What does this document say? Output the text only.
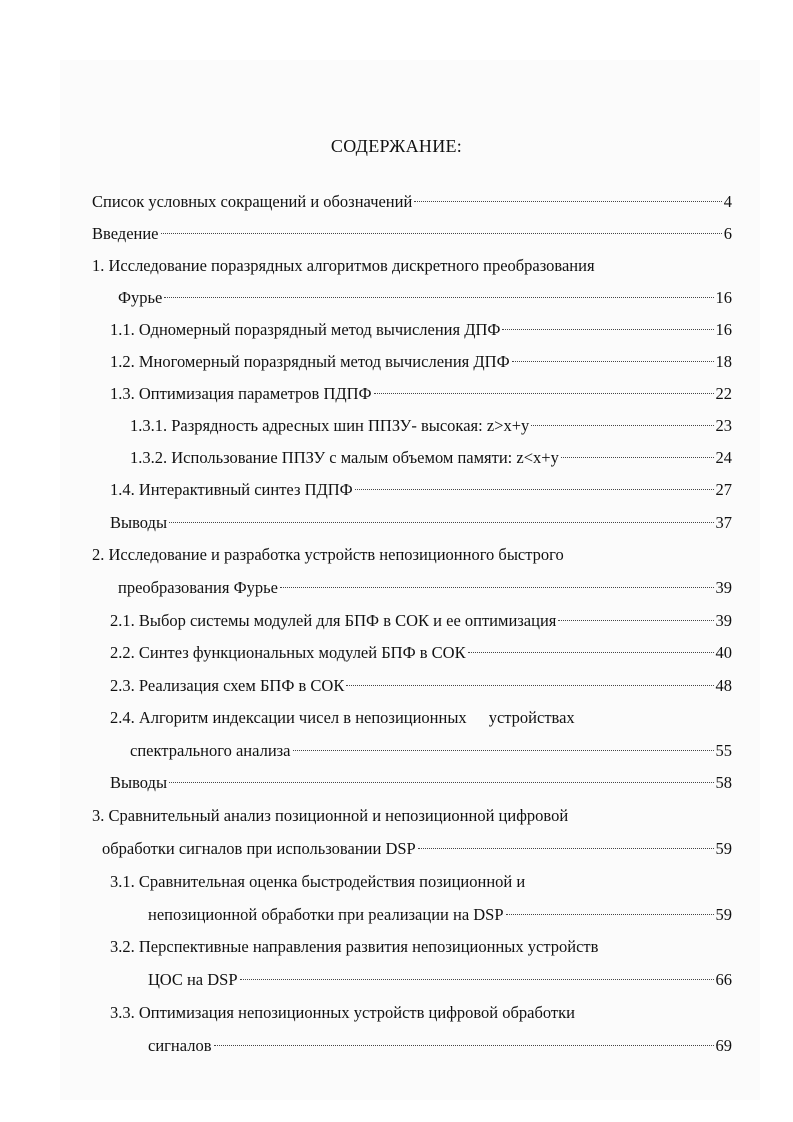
СОДЕРЖАНИЕ:
Список условных сокращений и обозначений	4
Введение	6
1. Исследование поразрядных алгоритмов дискретного преобразования
Фурье	16
1.1. Одномерный поразрядный метод вычисления ДПФ	16
1.2. Многомерный поразрядный метод вычисления ДПФ	18
1.3. Оптимизация параметров ПДПФ	22
1.3.1. Разрядность адресных шин ППЗУ- высокая: z>x+y	23
1.3.2. Использование ППЗУ с малым объемом памяти: z<x+y	24
1.4. Интерактивный синтез ПДПФ	27
Выводы	37
2. Исследование и разработка устройств непозиционного быстрого
преобразования Фурье	39
2.1. Выбор системы модулей для БПФ в СОК и ее оптимизация	39
2.2. Синтез функциональных модулей БПФ в СОК	40
2.3. Реализация схем БПФ в СОК	48
2.4. Алгоритм индексации чисел в непозиционных устройствах
спектрального анализа	55
Выводы	58
3. Сравнительный анализ позиционной и непозиционной цифровой
обработки сигналов при использовании DSP	59
3.1. Сравнительная оценка быстродействия позиционной и
непозиционной обработки при реализации на DSP	59
3.2. Перспективные направления развития непозиционных устройств
ЦОС на DSP	66
3.3. Оптимизация непозиционных устройств цифровой обработки
сигналов	69
